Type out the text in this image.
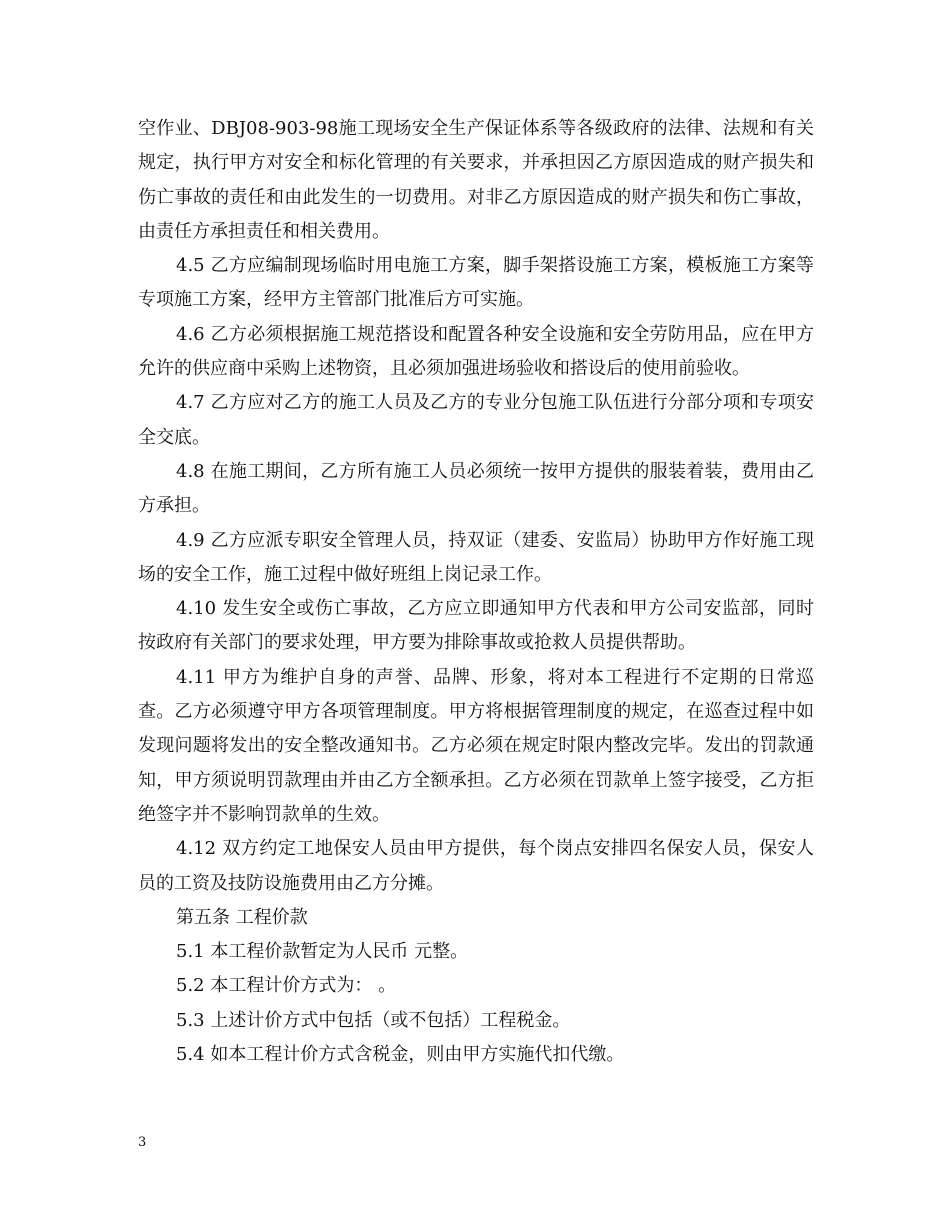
空作业、DBJ08-903-98施工现场安全生产保证体系等各级政府的法律、法规和有关规定，执行甲方对安全和标化管理的有关要求，并承担因乙方原因造成的财产损失和伤亡事故的责任和由此发生的一切费用。对非乙方原因造成的财产损失和伤亡事故，由责任方承担责任和相关费用。

4.5 乙方应编制现场临时用电施工方案，脚手架搭设施工方案，模板施工方案等专项施工方案，经甲方主管部门批准后方可实施。

4.6 乙方必须根据施工规范搭设和配置各种安全设施和安全劳防用品，应在甲方允许的供应商中采购上述物资，且必须加强进场验收和搭设后的使用前验收。

4.7 乙方应对乙方的施工人员及乙方的专业分包施工队伍进行分部分项和专项安全交底。

4.8 在施工期间，乙方所有施工人员必须统一按甲方提供的服装着装，费用由乙方承担。

4.9 乙方应派专职安全管理人员，持双证（建委、安监局）协助甲方作好施工现场的安全工作，施工过程中做好班组上岗记录工作。

4.10 发生安全或伤亡事故，乙方应立即通知甲方代表和甲方公司安监部，同时按政府有关部门的要求处理，甲方要为排除事故或抢救人员提供帮助。

4.11 甲方为维护自身的声誉、品牌、形象，将对本工程进行不定期的日常巡查。乙方必须遵守甲方各项管理制度。甲方将根据管理制度的规定，在巡查过程中如发现问题将发出的安全整改通知书。乙方必须在规定时限内整改完毕。发出的罚款通知，甲方须说明罚款理由并由乙方全额承担。乙方必须在罚款单上签字接受，乙方拒绝签字并不影响罚款单的生效。

4.12 双方约定工地保安人员由甲方提供，每个岗点安排四名保安人员，保安人员的工资及技防设施费用由乙方分摊。

第五条 工程价款

5.1 本工程价款暂定为人民币 元整。

5.2 本工程计价方式为： 。

5.3 上述计价方式中包括（或不包括）工程税金。

5.4 如本工程计价方式含税金，则由甲方实施代扣代缴。

3
